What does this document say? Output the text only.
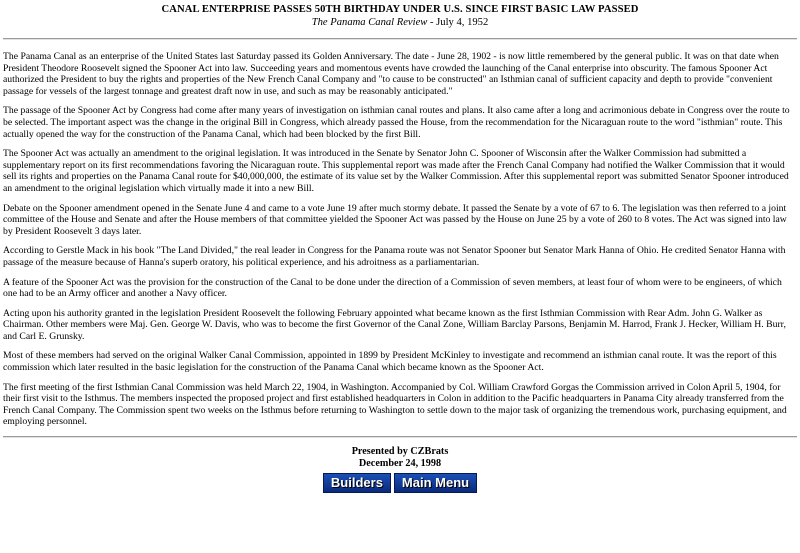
CANAL ENTERPRISE PASSES 50TH BIRTHDAY UNDER U.S. SINCE FIRST BASIC LAW PASSED
The Panama Canal Review - July 4, 1952

The Panama Canal as an enterprise of the United States last Saturday passed its Golden Anniversary. The date - June 28, 1902 - is now little remembered by the general public. It was on that date when President Theodore Roosevelt signed the Spooner Act into law. Succeeding years and momentous events have crowded the launching of the Canal enterprise into obscurity. The famous Spooner Act authorized the President to buy the rights and properties of the New French Canal Company and "to cause to be constructed" an Isthmian canal of sufficient capacity and depth to provide "convenient passage for vessels of the largest tonnage and greatest draft now in use, and such as may be reasonably anticipated."

The passage of the Spooner Act by Congress had come after many years of investigation on isthmian canal routes and plans. It also came after a long and acrimonious debate in Congress over the route to be selected. The important aspect was the change in the original Bill in Congress, which already passed the House, from the recommendation for the Nicaraguan route to the word "isthmian" route. This actually opened the way for the construction of the Panama Canal, which had been blocked by the first Bill.

The Spooner Act was actually an amendment to the original legislation. It was introduced in the Senate by Senator John C. Spooner of Wisconsin after the Walker Commission had submitted a supplementary report on its first recommendations favoring the Nicaraguan route. This supplemental report was made after the French Canal Company had notified the Walker Commission that it would sell its rights and properties on the Panama Canal route for $40,000,000, the estimate of its value set by the Walker Commission. After this supplemental report was submitted Senator Spooner introduced an amendment to the original legislation which virtually made it into a new Bill.

Debate on the Spooner amendment opened in the Senate June 4 and came to a vote June 19 after much stormy debate. It passed the Senate by a vote of 67 to 6. The legislation was then referred to a joint committee of the House and Senate and after the House members of that committee yielded the Spooner Act was passed by the House on June 25 by a vote of 260 to 8 votes. The Act was signed into law by President Roosevelt 3 days later.

According to Gerstle Mack in his book "The Land Divided," the real leader in Congress for the Panama route was not Senator Spooner but Senator Mark Hanna of Ohio. He credited Senator Hanna with passage of the measure because of Hanna's superb oratory, his political experience, and his adroitness as a parliamentarian.

A feature of the Spooner Act was the provision for the construction of the Canal to be done under the direction of a Commission of seven members, at least four of whom were to be engineers, of which one had to be an Army officer and another a Navy officer.

Acting upon his authority granted in the legislation President Roosevelt the following February appointed what became known as the first Isthmian Commission with Rear Adm. John G. Walker as Chairman. Other members were Maj. Gen. George W. Davis, who was to become the first Governor of the Canal Zone, William Barclay Parsons, Benjamin M. Harrod, Frank J. Hecker, William H. Burr, and Carl E. Grunsky.

Most of these members had served on the original Walker Canal Commission, appointed in 1899 by President McKinley to investigate and recommend an isthmian canal route. It was the report of this commission which later resulted in the basic legislation for the construction of the Panama Canal which became known as the Spooner Act.

The first meeting of the first Isthmian Canal Commission was held March 22, 1904, in Washington. Accompanied by Col. William Crawford Gorgas the Commission arrived in Colon April 5, 1904, for their first visit to the Isthmus. The members inspected the proposed project and first established headquarters in Colon in addition to the Pacific headquarters in Panama City already transferred from the French Canal Company. The Commission spent two weeks on the Isthmus before returning to Washington to settle down to the major task of organizing the tremendous work, purchasing equipment, and employing personnel.

Presented by CZBrats
December 24, 1998
Builders	Main Menu
